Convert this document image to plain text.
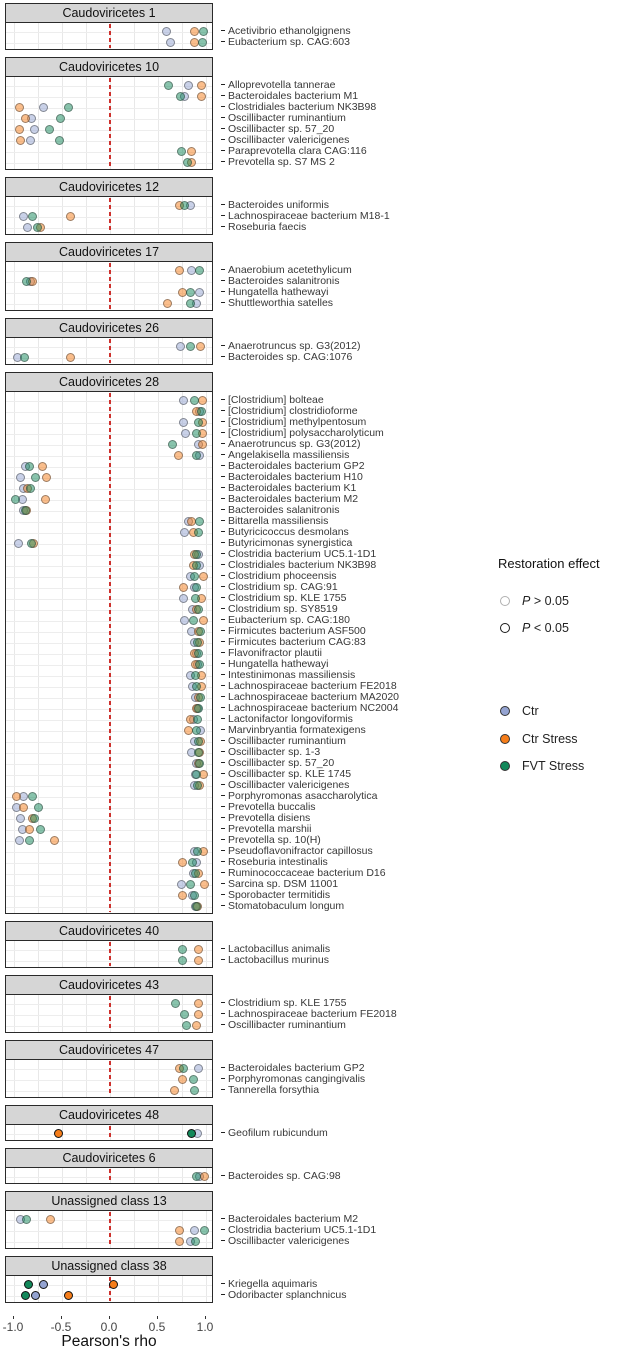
Caudoviricetes 1
Acetivibrio ethanolgignens
Eubacterium sp. CAG:603
Caudoviricetes 10
Alloprevotella tannerae
Bacteroidales bacterium M1
Clostridiales bacterium NK3B98
Oscillibacter ruminantium
Oscillibacter sp. 57_20
Oscillibacter valericigenes
Paraprevotella clara CAG:116
Prevotella sp. S7 MS 2
Caudoviricetes 12
Bacteroides uniformis
Lachnospiraceae bacterium M18-1
Roseburia faecis
Caudoviricetes 17
Anaerobium acetethylicum
Bacteroides salanitronis
Hungatella hathewayi
Shuttleworthia satelles
Caudoviricetes 26
Anaerotruncus sp. G3(2012)
Bacteroides sp. CAG:1076
Caudoviricetes 28
[Clostridium] bolteae
[Clostridium] clostridioforme
[Clostridium] methylpentosum
[Clostridium] polysaccharolyticum
Anaerotruncus sp. G3(2012)
Angelakisella massiliensis
Bacteroidales bacterium GP2
Bacteroidales bacterium H10
Bacteroidales bacterium K1
Bacteroidales bacterium M2
Bacteroides salanitronis
Bittarella massiliensis
Butyricicoccus desmolans
Butyricimonas synergistica
Clostridia bacterium UC5.1-1D1
Clostridiales bacterium NK3B98
Clostridium phoceensis
Clostridium sp. CAG:91
Clostridium sp. KLE 1755
Clostridium sp. SY8519
Eubacterium sp. CAG:180
Firmicutes bacterium ASF500
Firmicutes bacterium CAG:83
Flavonifractor plautii
Hungatella hathewayi
Intestinimonas massiliensis
Lachnospiraceae bacterium FE2018
Lachnospiraceae bacterium MA2020
Lachnospiraceae bacterium NC2004
Lactonifactor longoviformis
Marvinbryantia formatexigens
Oscillibacter ruminantium
Oscillibacter sp. 1-3
Oscillibacter sp. 57_20
Oscillibacter sp. KLE 1745
Oscillibacter valericigenes
Porphyromonas asaccharolytica
Prevotella buccalis
Prevotella disiens
Prevotella marshii
Prevotella sp. 10(H)
Pseudoflavonifractor capillosus
Roseburia intestinalis
Ruminococcaceae bacterium D16
Sarcina sp. DSM 11001
Sporobacter termitidis
Stomatobaculum longum
Caudoviricetes 40
Lactobacillus animalis
Lactobacillus murinus
Caudoviricetes 43
Clostridium sp. KLE 1755
Lachnospiraceae bacterium FE2018
Oscillibacter ruminantium
Caudoviricetes 47
Bacteroidales bacterium GP2
Porphyromonas cangingivalis
Tannerella forsythia
Caudoviricetes 48
Geofilum rubicundum
Caudoviricetes 6
Bacteroides sp. CAG:98
Unassigned class 13
Bacteroidales bacterium M2
Clostridia bacterium UC5.1-1D1
Oscillibacter valericigenes
Unassigned class 38
Kriegella aquimaris
Odoribacter splanchnicus
Pearson's rho
-1.0 -0.5 0.0	0.5	1.0
Restoration effect
P > 0.05
P < 0.05
Ctr
Ctr Stress
FVT Stress
